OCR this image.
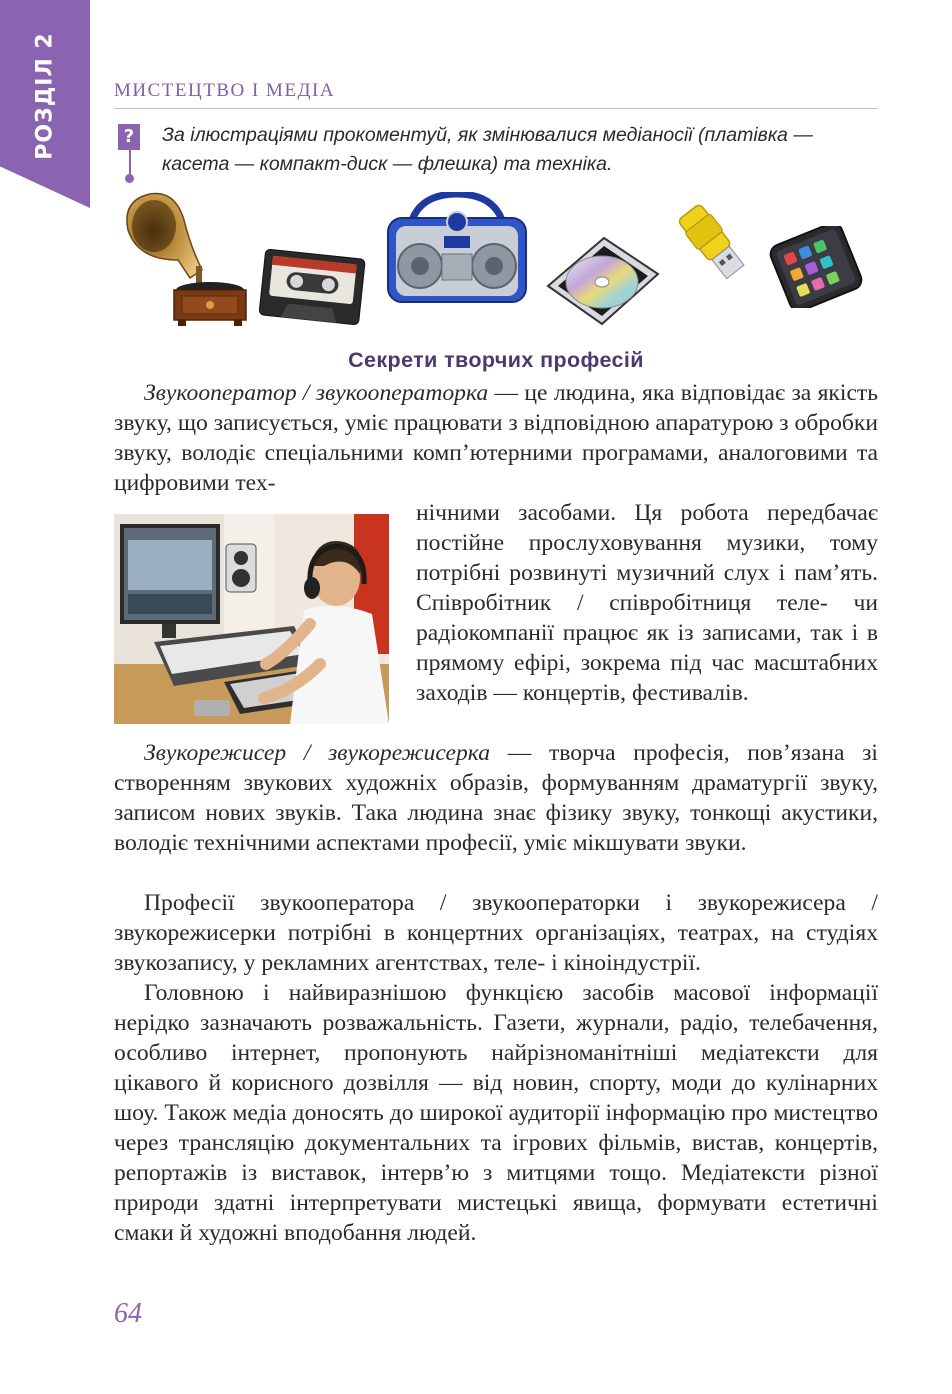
РОЗДІЛ 2	МИСТЕЦТВО І МЕДІА
? За ілюстраціями прокоментуй, як змінювалися медіаносії (платівка — касета — компакт-диск — флешка) та техніка.

Секрети творчих професій

Звукооператор / звукооператорка — це людина, яка відповідає за якість звуку, що записується, уміє працювати з відповідною апаратурою з обробки звуку, володіє спеціальними комп’ютерними програмами, аналоговими та цифровими тех-

нічними засобами. Ця робота передбачає постійне прослуховування музики, тому потрібні розвинуті музичний слух і пам’ять. Співробітник / співробітниця теле- чи радіокомпанії працює як із записами, так і в прямому ефірі, зокрема під час масштабних заходів — концертів, фестивалів.

Звукорежисер / звукорежисерка — творча професія, пов’язана зі створенням звукових художніх образів, формуванням драматургії звуку, записом нових звуків. Така людина знає фізику звуку, тонкощі акустики, володіє технічними аспектами професії, уміє мікшувати звуки.

Професії звукооператора / звукооператорки і звукорежисера / звукорежисерки потрібні в концертних організаціях, театрах, на студіях звукозапису, у рекламних агентствах, теле- і кіноіндустрії.

Головною і найвиразнішою функцією засобів масової інформації нерідко зазначають розважальність. Газети, журнали, радіо, телебачення, особливо інтернет, пропонують найрізноманітніші медіатексти для цікавого й корисного дозвілля — від новин, спорту, моди до кулінарних шоу. Також медіа доносять до широкої аудиторії інформацію про мистецтво через трансляцію документальних та ігрових фільмів, вистав, концертів, репортажів із виставок, інтерв’ю з митцями тощо. Медіатексти різної природи здатні інтерпретувати мистецькі явища, формувати естетичні смаки й художні вподобання людей.

64
